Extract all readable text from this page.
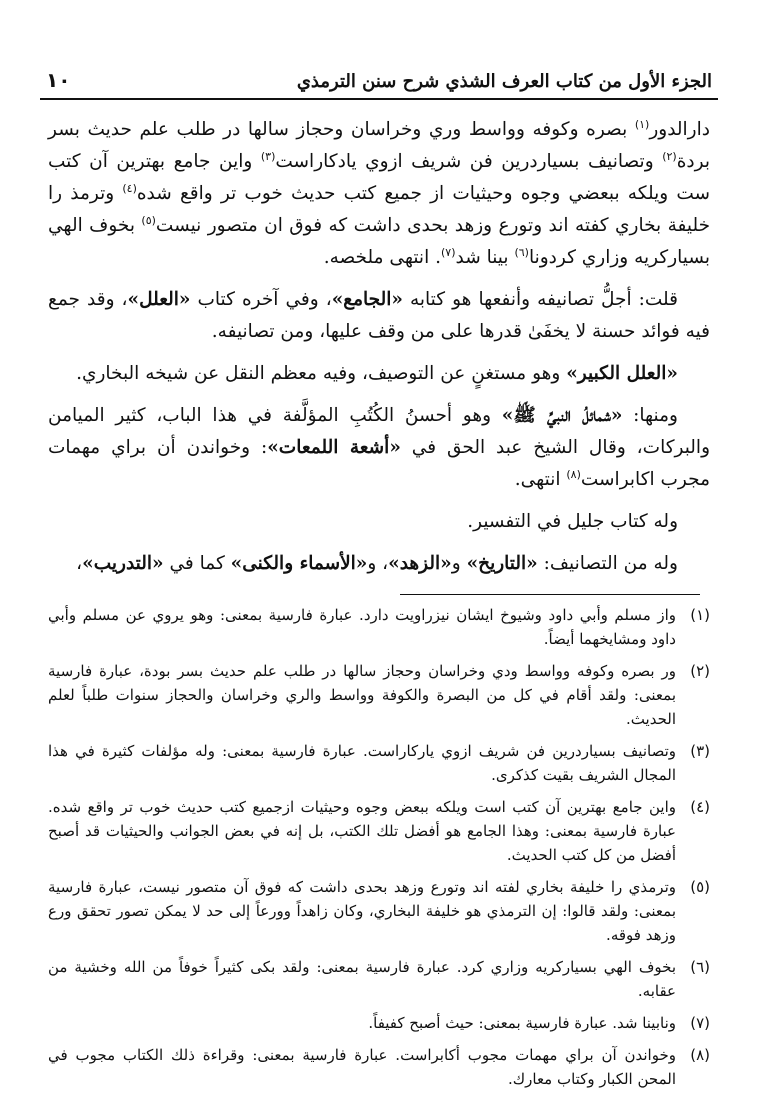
الجزء الأول من كتاب العرف الشذي شرح سنن الترمذي
١٠

دارالدور$^{(١)}$ بصره وكوفه وواسط وري وخراسان وحجاز سالها در طلب علم حديث بسر بردة$^{(٢)}$ وتصانيف بسياردرين فن شريف ازوي يادكاراست$^{(٣)}$ واين جامع بهترين آن كتب ست ويلكه ببعضي وجوه وحيثيات از جميع كتب حديث خوب تر واقع شده$^{(٤)}$ وترمذ را خليفة بخاري كفته اند وتورع وزهد بحدى داشت كه فوق ان متصور نيست$^{(٥)}$ بخوف الهي بسياركريه وزاري كردونا$^{(٦)}$ بينا شد$^{(٧)}$. انتهى ملخصه.

قلت: أجلُّ تصانيفه وأنفعها هو كتابه «الجامع»، وفي آخره كتاب «العلل»، وقد جمع فيه فوائد حسنة لا يخفَىٰ قدرها على من وقف عليها، ومن تصانيفه.

«العلل الكبير» وهو مستغنٍ عن التوصيف، وفيه معظم النقل عن شيخه البخاري.

ومنها: «شمائلُ النبيِّ ﷺ» وهو أحسنُ الكُتُبِ المؤلَّفة في هذا الباب، كثير الميامن والبركات، وقال الشيخ عبد الحق في «أشعة اللمعات»: وخواندن أن براي مهمات مجرب اكابراست$^{(٨)}$ انتهى.

وله كتاب جليل في التفسير.

وله من التصانيف: «التاريخ» و«الزهد»، و«الأسماء والكنى» كما في «التدريب»،

(١)
واز مسلم وأبي داود وشيوخ ايشان نيزراويت دارد. عبارة فارسية بمعنى: وهو يروي عن مسلم وأبي داود ومشايخهما أيضاً.
(٢)
ور بصره وكوفه وواسط ودي وخراسان وحجاز سالها در طلب علم حديث بسر بودة، عبارة فارسية بمعنى: ولقد أقام في كل من البصرة والكوفة وواسط والري وخراسان والحجاز سنوات طلباً لعلم الحديث.
(٣)
وتصانيف بسياردرين فن شريف ازوي ياركاراست. عبارة فارسية بمعنى: وله مؤلفات كثيرة في هذا المجال الشريف بقيت كذكرى.
(٤)
واين جامع بهترين آن كتب است ويلكه ببعض وجوه وحيثيات ازجميع كتب حديث خوب تر واقع شده. عبارة فارسية بمعنى: وهذا الجامع هو أفضل تلك الكتب، بل إنه في بعض الجوانب والحيثيات قد أصبح أفضل من كل كتب الحديث.
(٥)
وترمذي را خليفة بخاري لفته اند وتورع وزهد بحدى داشت كه فوق آن متصور نيست، عبارة فارسية بمعنى: ولقد قالوا: إن الترمذي هو خليفة البخاري، وكان زاهداً وورعاً إلى حد لا يمكن تصور تحقق ورع وزهد فوقه.
(٦)
بخوف الهي بسياركريه وزاري كرد. عبارة فارسية بمعنى: ولقد بكى كثيراً خوفاً من الله وخشية من عقابه.
(٧)
ونابينا شد. عبارة فارسية بمعنى: حيث أصبح كفيفاً.
(٨)
وخواندن آن براي مهمات مجوب أكابراست. عبارة فارسية بمعنى: وقراءة ذلك الكتاب مجوب في المحن الكبار وكتاب معارك.
